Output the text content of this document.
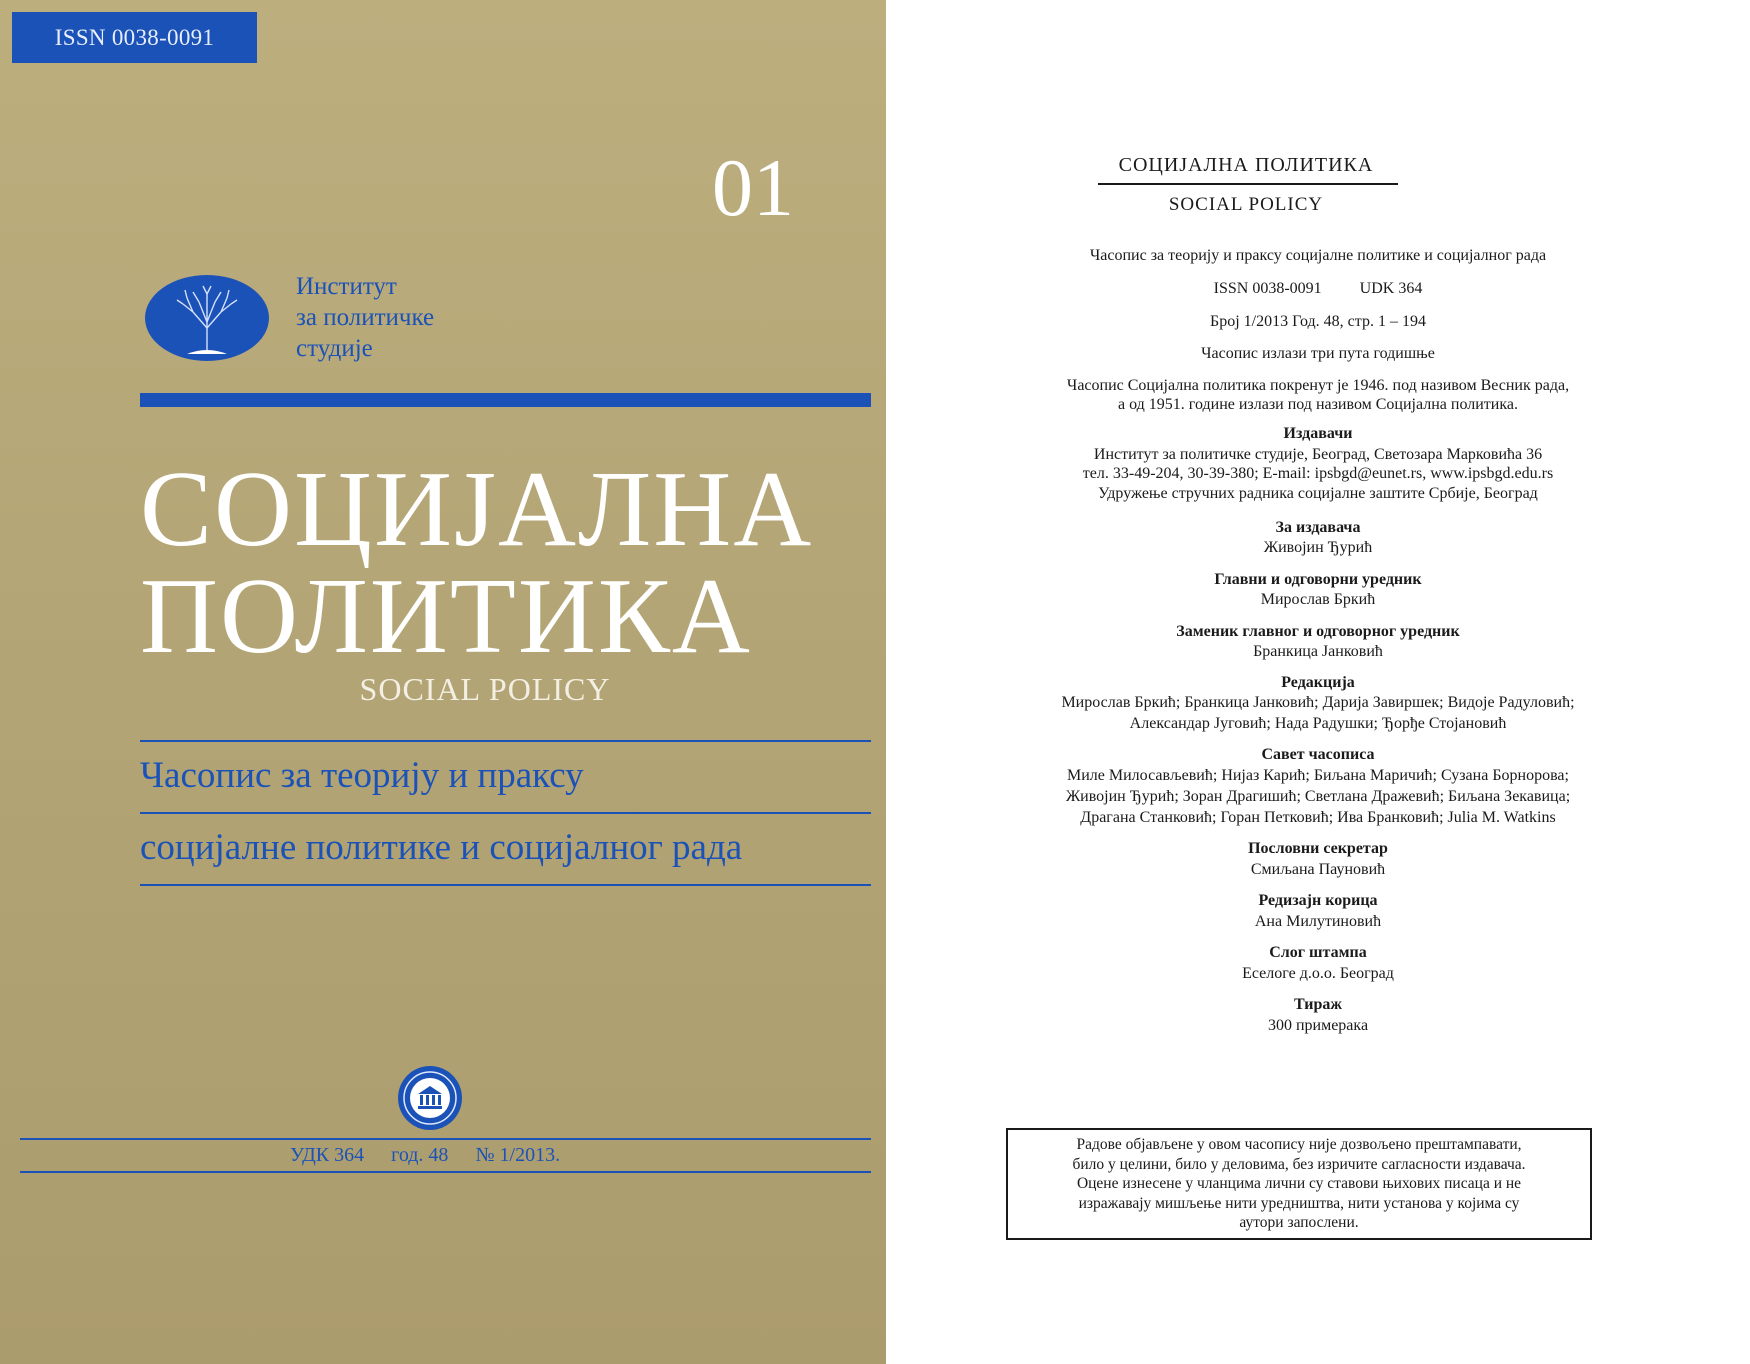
ISSN 0038-0091
01
Институт
за политичке
студије
СОЦИЈАЛНА
ПОЛИТИКА
SOCIAL POLICY
Часопис за теорију и праксу
социјалне политике и социјалног рада
УДК 364 год. 48 № 1/2013.
СОЦИЈАЛНА ПОЛИТИКА
SOCIAL POLICY
Часопис за теорију и праксу социјалне политике и социјалног рада
ISSN 0038-0091 UDK 364
Број 1/2013 Год. 48, стр. 1 – 194
Часопис излази три пута годишње
Часопис Социјална политика покренут је 1946. под називом Весник рада,
а од 1951. године излази под називом Социјална политика.
Издавачи
Институт за политичке студије, Београд, Светозара Марковића 36
тел. 33-49-204, 30-39-380; E-mail: ipsbgd@eunet.rs, www.ipsbgd.edu.rs
Удружење стручних радника социјалне заштите Србије, Београд
За издавача
Живојин Ђурић
Главни и одговорни уредник
Мирослав Бркић
Заменик главног и одговорног уредник
Бранкица Јанковић
Редакција
Мирослав Бркић; Бранкица Јанковић; Дарија Завиршек; Видоје Радуловић;
Александар Југовић; Нада Радушки; Ђорђе Стојановић
Савет часописа
Миле Милосављевић; Нијаз Карић; Биљана Маричић; Сузана Борнорова;
Живојин Ђурић; Зоран Драгишић; Светлана Дражевић; Биљана Зекавица;
Драгана Станковић; Горан Петковић; Ива Бранковић; Julia M. Watkins
Пословни секретар
Смиљана Пауновић
Редизајн корица
Ана Милутиновић
Слог штампа
Еселоге д.о.о. Београд
Тираж
300 примерака
Радове објављене у овом часопису није дозвољено прештампавати,
било у целини, било у деловима, без изричите сагласности издавача.
Оцене изнесене у чланцима лични су ставови њихових писаца и не
изражавају мишљење нити уредништва, нити установа у којима су
аутори запослени.
